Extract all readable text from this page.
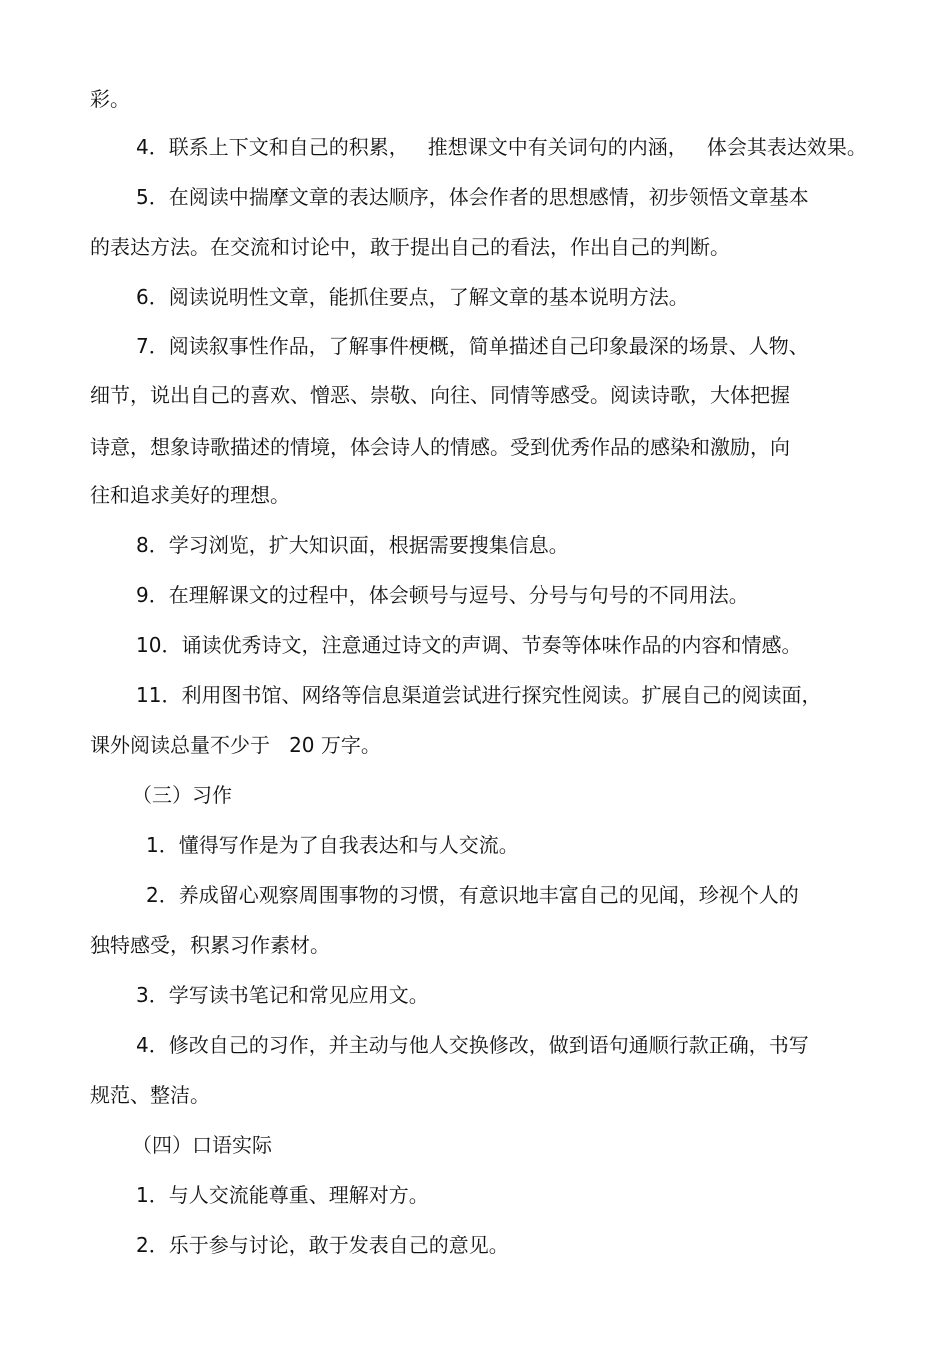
彩。
4．联系上下文和自己的积累，   推想课文中有关词句的内涵，   体会其表达效果。
5．在阅读中揣摩文章的表达顺序，体会作者的思想感情，初步领悟文章基本
的表达方法。在交流和讨论中，敢于提出自己的看法，作出自己的判断。
6．阅读说明性文章，能抓住要点，了解文章的基本说明方法。
7．阅读叙事性作品，了解事件梗概，简单描述自己印象最深的场景、人物、
细节，说出自己的喜欢、憎恶、崇敬、向往、同情等感受。阅读诗歌，大体把握
诗意，想象诗歌描述的情境，体会诗人的情感。受到优秀作品的感染和激励，向
往和追求美好的理想。
8．学习浏览，扩大知识面，根据需要搜集信息。
9．在理解课文的过程中，体会顿号与逗号、分号与句号的不同用法。
10．诵读优秀诗文，注意通过诗文的声调、节奏等体味作品的内容和情感。
11．利用图书馆、网络等信息渠道尝试进行探究性阅读。扩展自己的阅读面，
课外阅读总量不少于   20 万字。
（三）习作
1．懂得写作是为了自我表达和与人交流。
2．养成留心观察周围事物的习惯，有意识地丰富自己的见闻，珍视个人的
独特感受，积累习作素材。
3．学写读书笔记和常见应用文。
4．修改自己的习作，并主动与他人交换修改，做到语句通顺行款正确，书写
规范、整洁。
（四）口语实际
1．与人交流能尊重、理解对方。
2．乐于参与讨论，敢于发表自己的意见。
